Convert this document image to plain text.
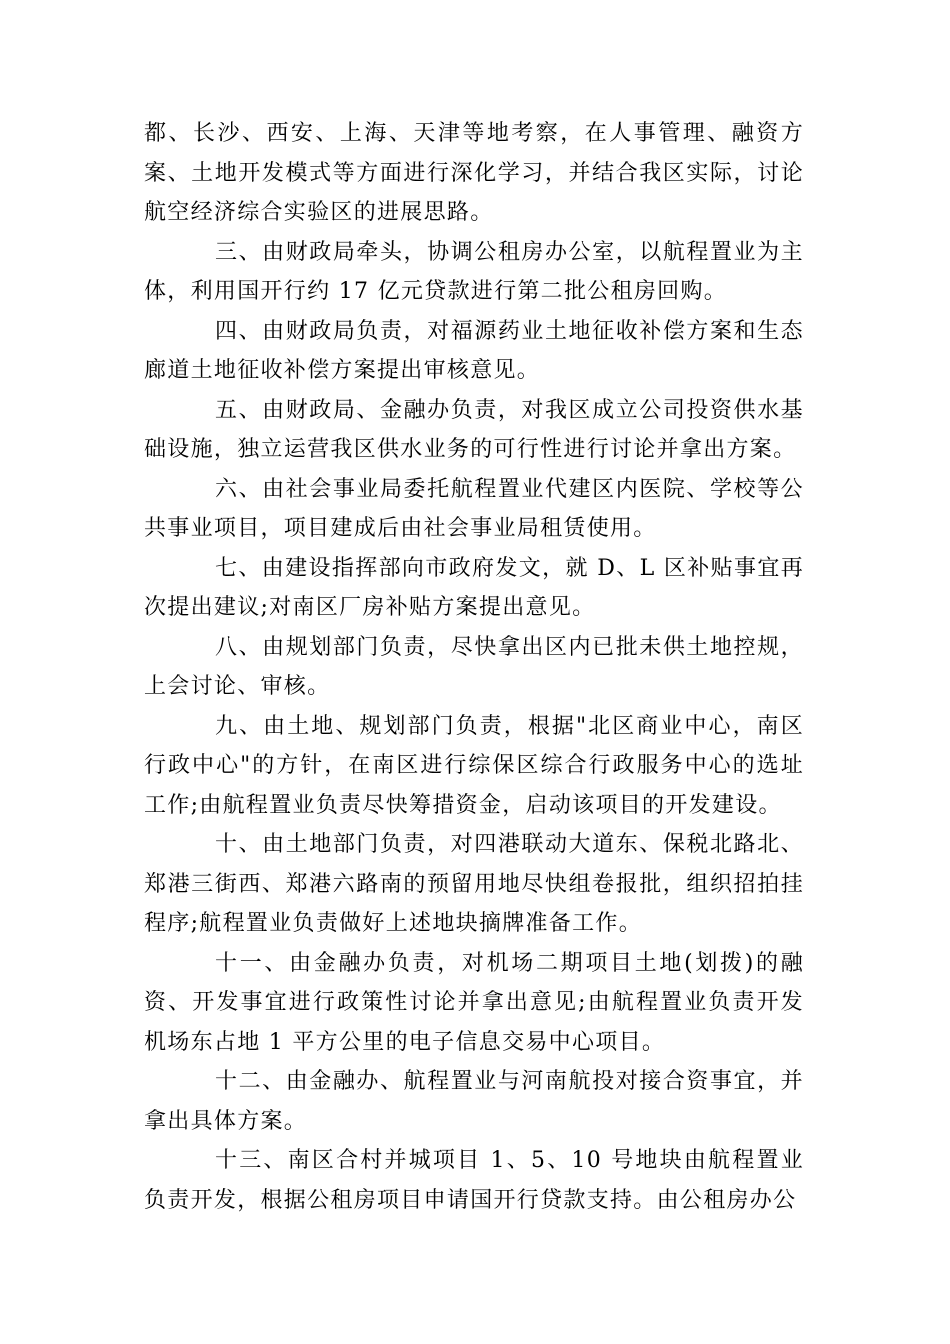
都、长沙、西安、上海、天津等地考察，在人事管理、融资方案、土地开发模式等方面进行深化学习，并结合我区实际，讨论航空经济综合实验区的进展思路。

三、由财政局牵头，协调公租房办公室，以航程置业为主体，利用国开行约 17 亿元贷款进行第二批公租房回购。

四、由财政局负责，对福源药业土地征收补偿方案和生态廊道土地征收补偿方案提出审核意见。

五、由财政局、金融办负责，对我区成立公司投资供水基础设施，独立运营我区供水业务的可行性进行讨论并拿出方案。

六、由社会事业局委托航程置业代建区内医院、学校等公共事业项目，项目建成后由社会事业局租赁使用。

七、由建设指挥部向市政府发文，就 D、L 区补贴事宜再次提出建议;对南区厂房补贴方案提出意见。

八、由规划部门负责，尽快拿出区内已批未供土地控规，上会讨论、审核。

九、由土地、规划部门负责，根据"北区商业中心，南区行政中心"的方针，在南区进行综保区综合行政服务中心的选址工作;由航程置业负责尽快筹措资金，启动该项目的开发建设。

十、由土地部门负责，对四港联动大道东、保税北路北、郑港三街西、郑港六路南的预留用地尽快组卷报批，组织招拍挂程序;航程置业负责做好上述地块摘牌准备工作。

十一、由金融办负责，对机场二期项目土地(划拨)的融资、开发事宜进行政策性讨论并拿出意见;由航程置业负责开发机场东占地 1 平方公里的电子信息交易中心项目。

十二、由金融办、航程置业与河南航投对接合资事宜，并拿出具体方案。

十三、南区合村并城项目 1、5、10 号地块由航程置业负责开发，根据公租房项目申请国开行贷款支持。由公租房办公
